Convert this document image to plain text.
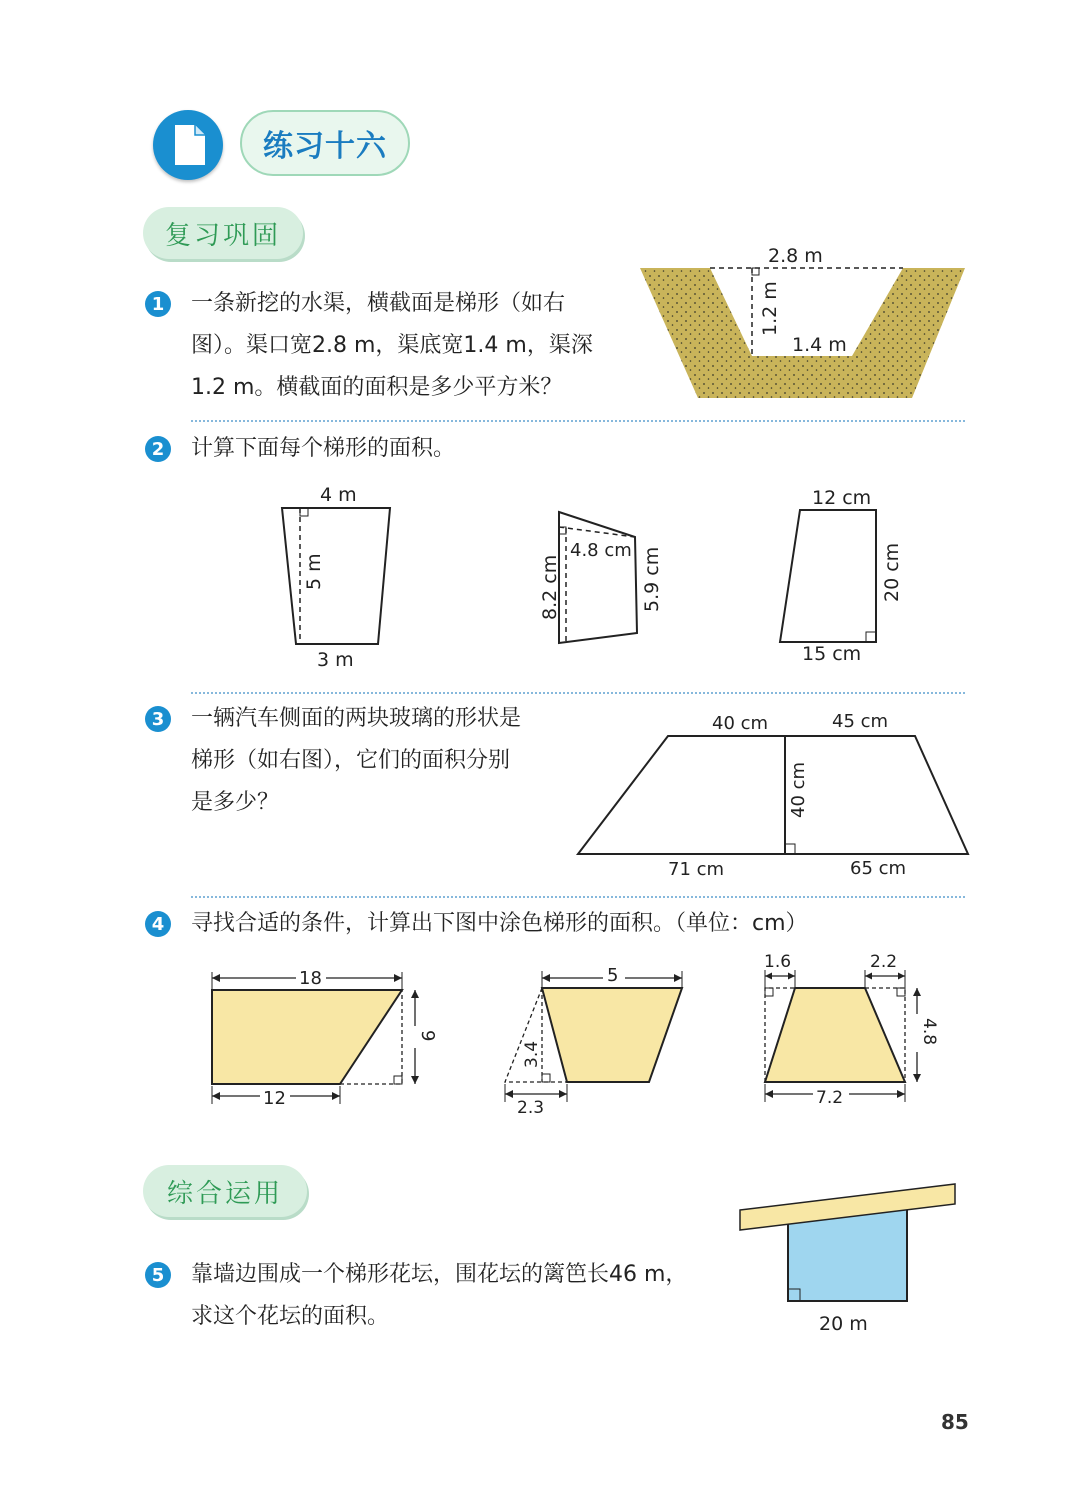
练习十六
复习巩固
1	一条新挖的水渠，横截面是梯形（如右
图）。渠口宽2.8 m，渠底宽1.4 m，渠深
1.2 m。横截面的面积是多少平方米？
2.8 m
1.4 m
1.2 m
2	计算下面每个梯形的面积。
4 m
5 m
3 m
4.8 cm
8.2 cm	5.9 cm
12 cm
20 cm
15 cm
3	一辆汽车侧面的两块玻璃的形状是
梯形（如右图），它们的面积分别
是多少？
40 cm	45 cm
40 cm
71 cm	65 cm
4	寻找合适的条件，计算出下图中涂色梯形的面积。（单位：cm）
18
9
12
5
3.4
2.3
1.6	2.2
4.8
7.2
综合运用
5	靠墙边围成一个梯形花坛，围花坛的篱笆长46 m，
求这个花坛的面积。	20 m
85
